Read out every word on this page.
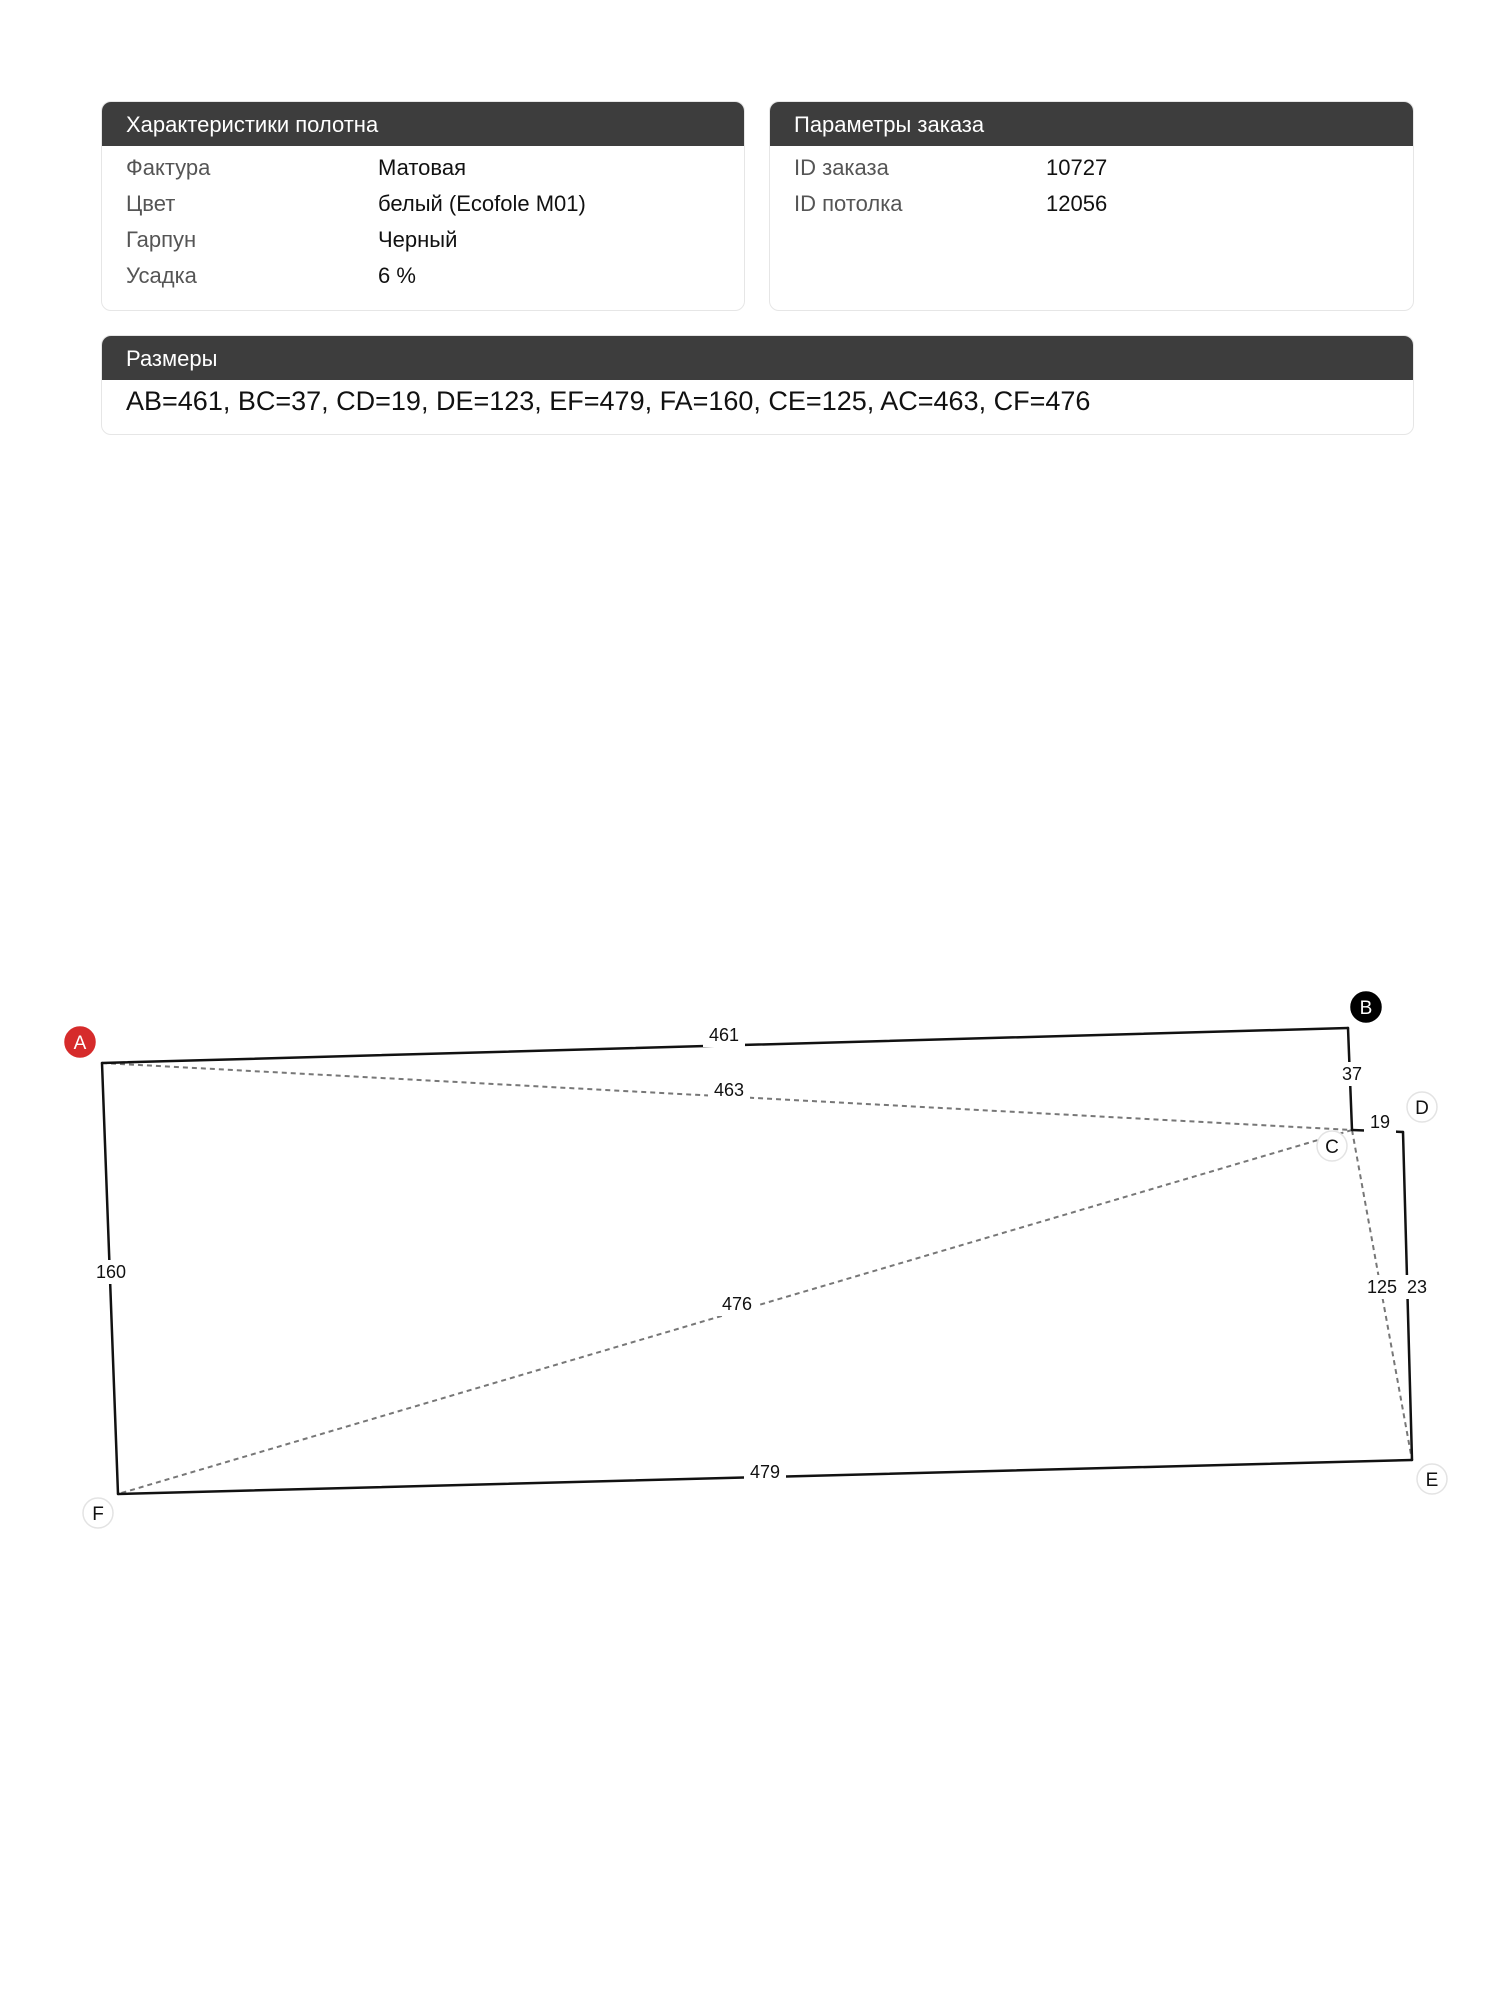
Характеристики полотна
Фактура	Матовая
Цвет	белый (Ecofole M01)
Гарпун	Черный
Усадка	6 %
Параметры заказа
ID заказа	10727
ID потолка	12056
Размеры
AB=461, BC=37, CD=19, DE=123, EF=479, FA=160, CE=125, AC=463, CF=476
463
476
125
461
37
19
23
479
160
A
B
C
D
E
F
